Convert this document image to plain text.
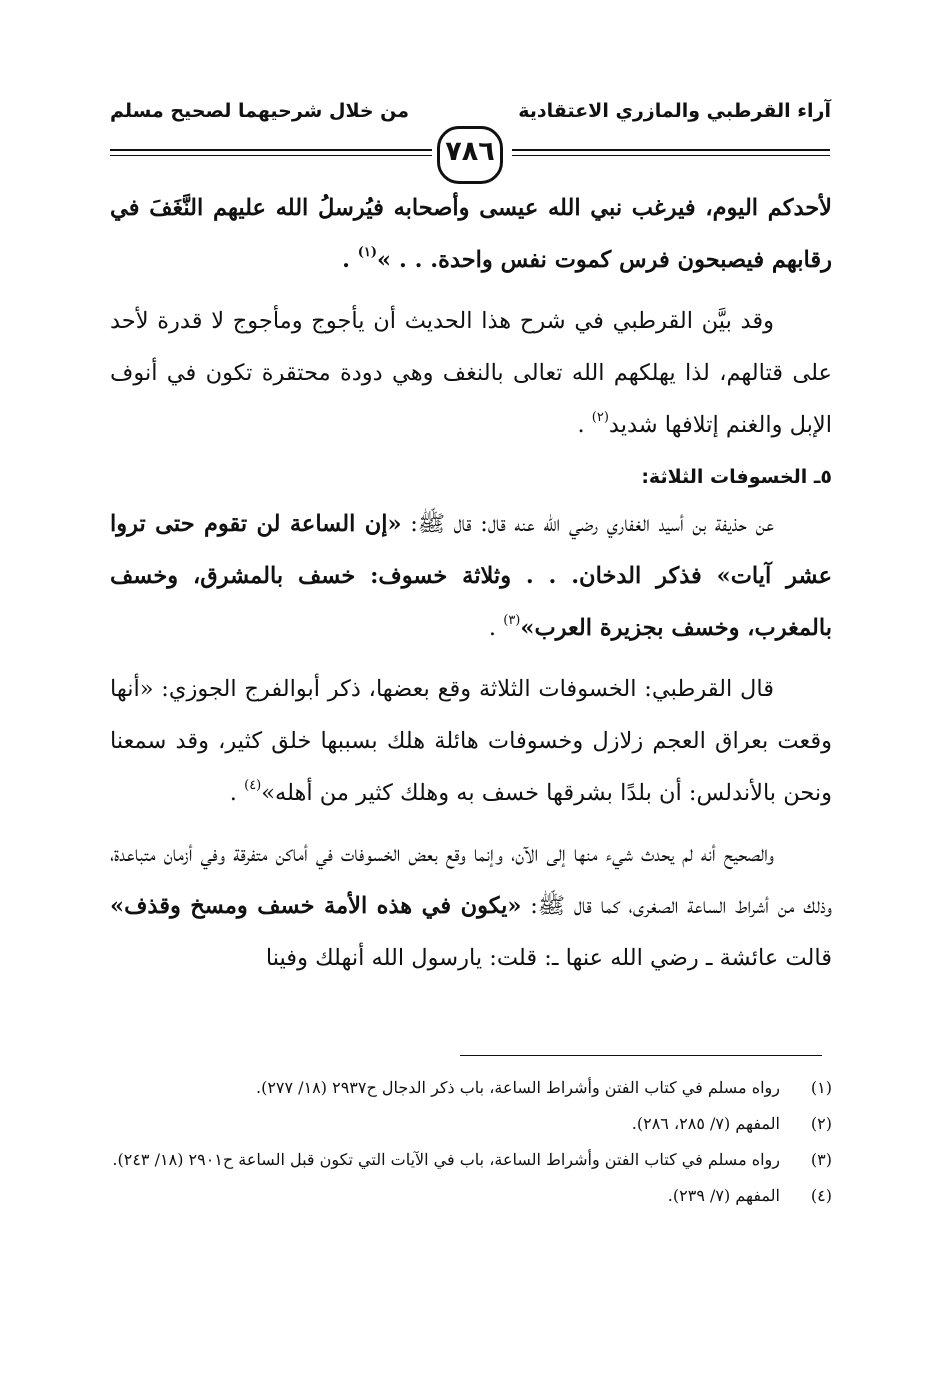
آراء القرطبي والمازري الاعتقادية
من خلال شرحيهما لصحيح مسلم
٧٨٦

لأحدكم اليوم، فيرغب نبي الله عيسى وأصحابه فيُرسلُ الله عليهم النَّغَفَ في رقابهم فيصبحون فرس كموت نفس واحدة. . . »$^{(١)}$ .

وقد بيَّن القرطبي في شرح هذا الحديث أن يأجوج ومأجوج لا قدرة لأحد على قتالهم، لذا يهلكهم الله تعالى بالنغف وهي دودة محتقرة تكون في أنوف الإبل والغنم إتلافها شديد$^{(٢)}$ .

٥ـ الخسوفات الثلاثة:

عن حذيفة بن أسيد الغفاري رضي الله عنه قال: قال ﷺ: «إن الساعة لن تقوم حتى تروا عشر آيات» فذكر الدخان. . . وثلاثة خسوف: خسف بالمشرق، وخسف بالمغرب، وخسف بجزيرة العرب»$^{(٣)}$ .

قال القرطبي: الخسوفات الثلاثة وقع بعضها، ذكر أبوالفرج الجوزي: «أنها وقعت بعراق العجم زلازل وخسوفات هائلة هلك بسببها خلق كثير، وقد سمعنا ونحن بالأندلس: أن بلدًا بشرقها خسف به وهلك كثير من أهله»$^{(٤)}$ .

والصحيح أنه لم يحدث شيء منها إلى الآن، وإنما وقع بعض الخسوفات في أماكن متفرقة وفي أزمان متباعدة، وذلك من أشراط الساعة الصغرى، كما قال ﷺ: «يكون في هذه الأمة خسف ومسخ وقذف» قالت عائشة ـ رضي الله عنها ـ: قلت: يارسول الله أنهلك وفينا

(١)
رواه مسلم في كتاب الفتن وأشراط الساعة، باب ذكر الدجال ح٢٩٣٧ (١٨/ ٢٧٧).
(٢)
المفهم (٧/ ٢٨٥، ٢٨٦).
(٣)
رواه مسلم في كتاب الفتن وأشراط الساعة، باب في الآيات التي تكون قبل الساعة ح٢٩٠١ (١٨/ ٢٤٣).
(٤)
المفهم (٧/ ٢٣٩).
